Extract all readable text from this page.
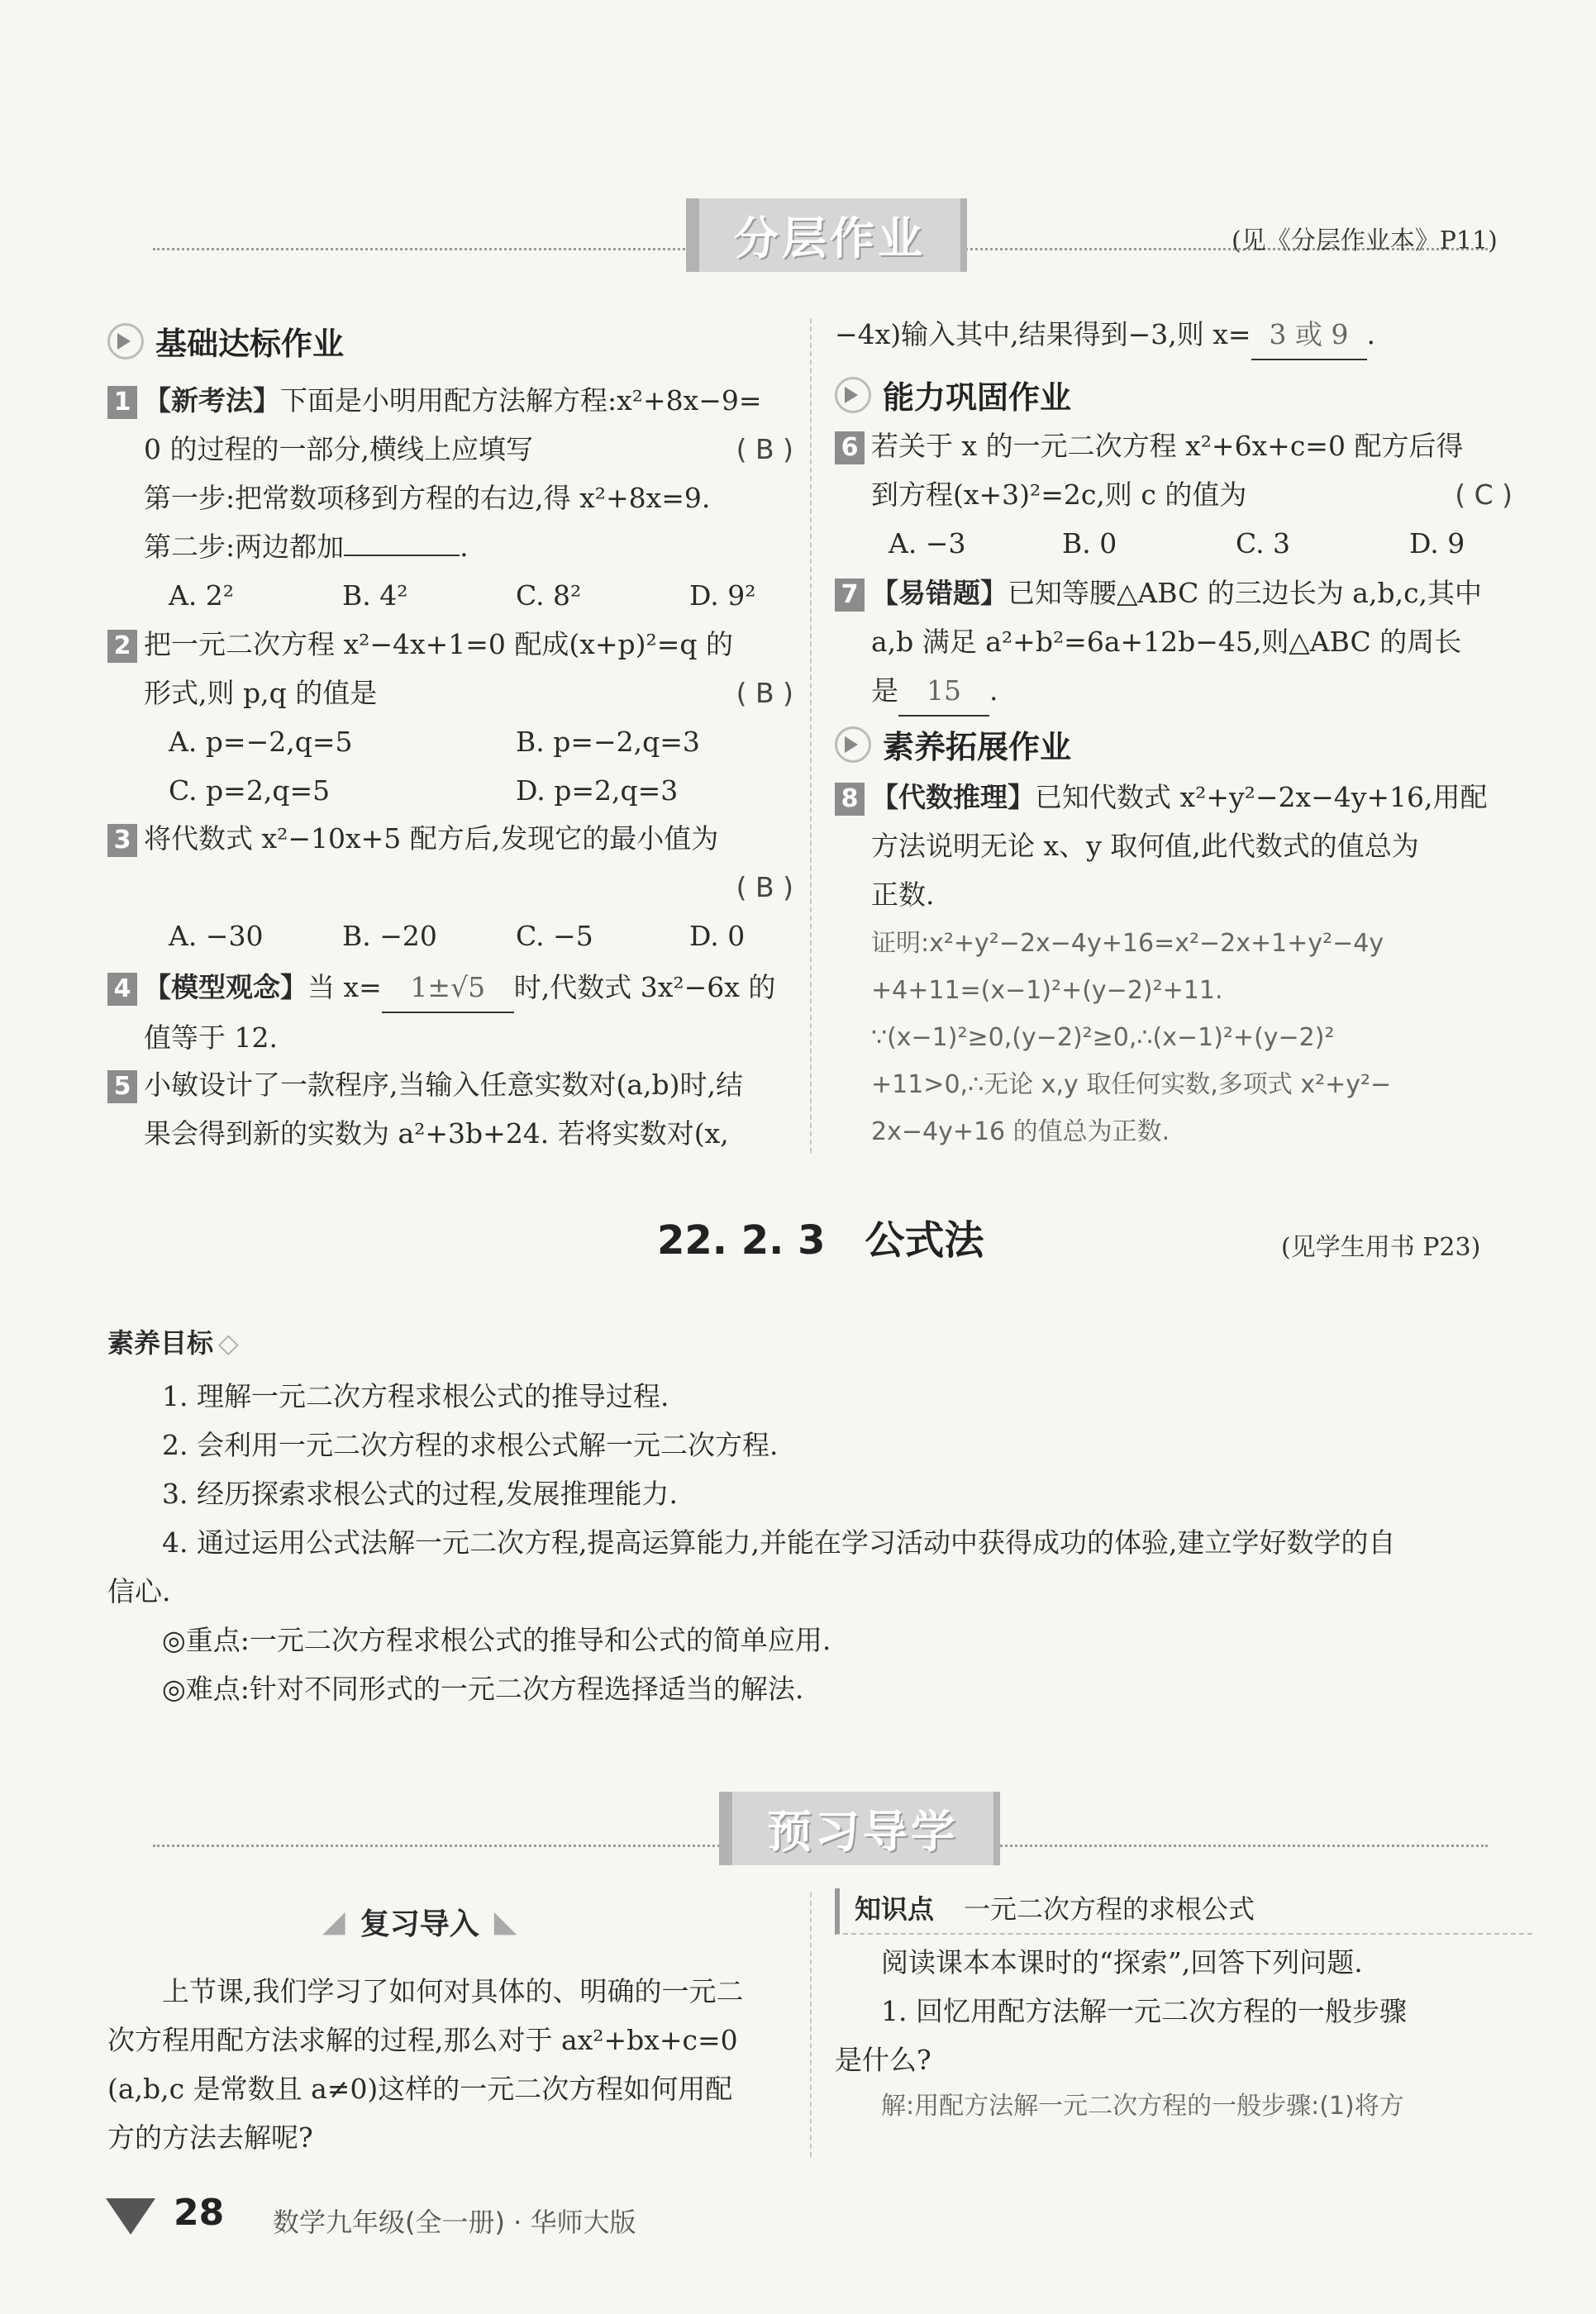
分层作业	(见《分层作业本》P11)
基础达标作业
1 【新考法】下面是小明用配方法解方程:x²+8x−9=
0 的过程的一部分,横线上应填写	( B )
第一步:把常数项移到方程的右边,得 x²+8x=9.
第二步:两边都加	.
A. 2²	B. 4²	C. 8²	D. 9²
2 把一元二次方程 x²−4x+1=0 配成(x+p)²=q 的
形式,则 p,q 的值是	( B )
A. p=−2,q=5	B. p=−2,q=3
C. p=2,q=5	D. p=2,q=3
3 将代数式 x²−10x+5 配方后,发现它的最小值为
( B )
A. −30	B. −20	C. −5	D. 0
4 【模型观念】当 x= 1±√5 时,代数式 3x²−6x 的
值等于 12.
5 小敏设计了一款程序,当输入任意实数对(a,b)时,结
果会得到新的实数为 a²+3b+24. 若将实数对(x,
−4x)输入其中,结果得到−3,则 x= 3 或 9 .
能力巩固作业
6 若关于 x 的一元二次方程 x²+6x+c=0 配方后得
到方程(x+3)²=2c,则 c 的值为	( C )
A. −3	B. 0	C. 3	D. 9
7 【易错题】已知等腰△ABC 的三边长为 a,b,c,其中
a,b 满足 a²+b²=6a+12b−45,则△ABC 的周长
是 15 .
素养拓展作业
8 【代数推理】已知代数式 x²+y²−2x−4y+16,用配
方法说明无论 x、y 取何值,此代数式的值总为
正数.
证明:x²+y²−2x−4y+16=x²−2x+1+y²−4y
+4+11=(x−1)²+(y−2)²+11.
∵(x−1)²≥0,(y−2)²≥0,∴(x−1)²+(y−2)²
+11>0,∴无论 x,y 取任何实数,多项式 x²+y²−
2x−4y+16 的值总为正数.
22. 2. 3　公式法	(见学生用书 P23)
素养目标 ◇
1. 理解一元二次方程求根公式的推导过程.
2. 会利用一元二次方程的求根公式解一元二次方程.
3. 经历探索求根公式的过程,发展推理能力.
4. 通过运用公式法解一元二次方程,提高运算能力,并能在学习活动中获得成功的体验,建立学好数学的自
信心.
◎重点:一元二次方程求根公式的推导和公式的简单应用.
◎难点:针对不同形式的一元二次方程选择适当的解法.
预习导学
◢ 复习导入 ◣
上节课,我们学习了如何对具体的、明确的一元二
次方程用配方法求解的过程,那么对于 ax²+bx+c=0
(a,b,c 是常数且 a≠0)这样的一元二次方程如何用配
方的方法去解呢?
知识点 一元二次方程的求根公式
阅读课本本课时的“探索”,回答下列问题.
1. 回忆用配方法解一元二次方程的一般步骤
是什么?
解:用配方法解一元二次方程的一般步骤:(1)将方
28 数学九年级(全一册) · 华师大版
